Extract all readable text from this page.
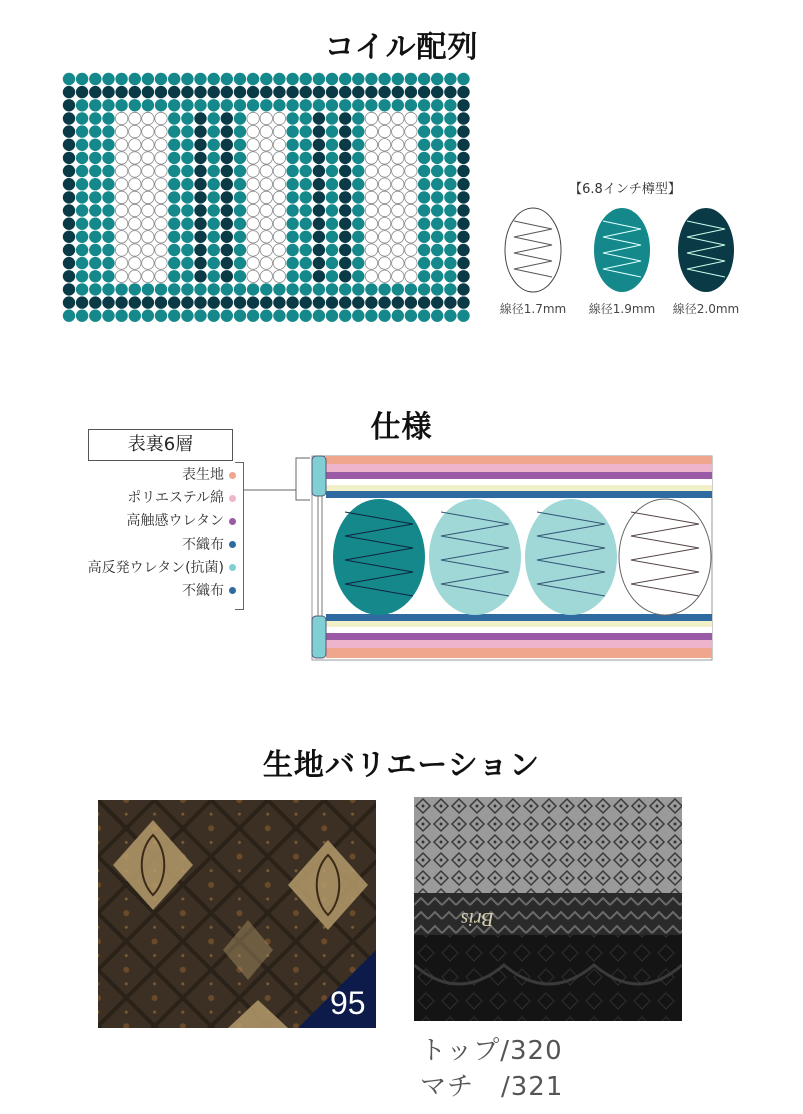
コイル配列
【6.8インチ樽型】
線径1.7mm	線径1.9mm	線径2.0mm
仕様
表裏6層
表生地
ポリエステル綿
高触感ウレタン
不織布
高反発ウレタン(抗菌)
不織布
生地バリエーション
95
Bris
トップ/320
マチ　/321
